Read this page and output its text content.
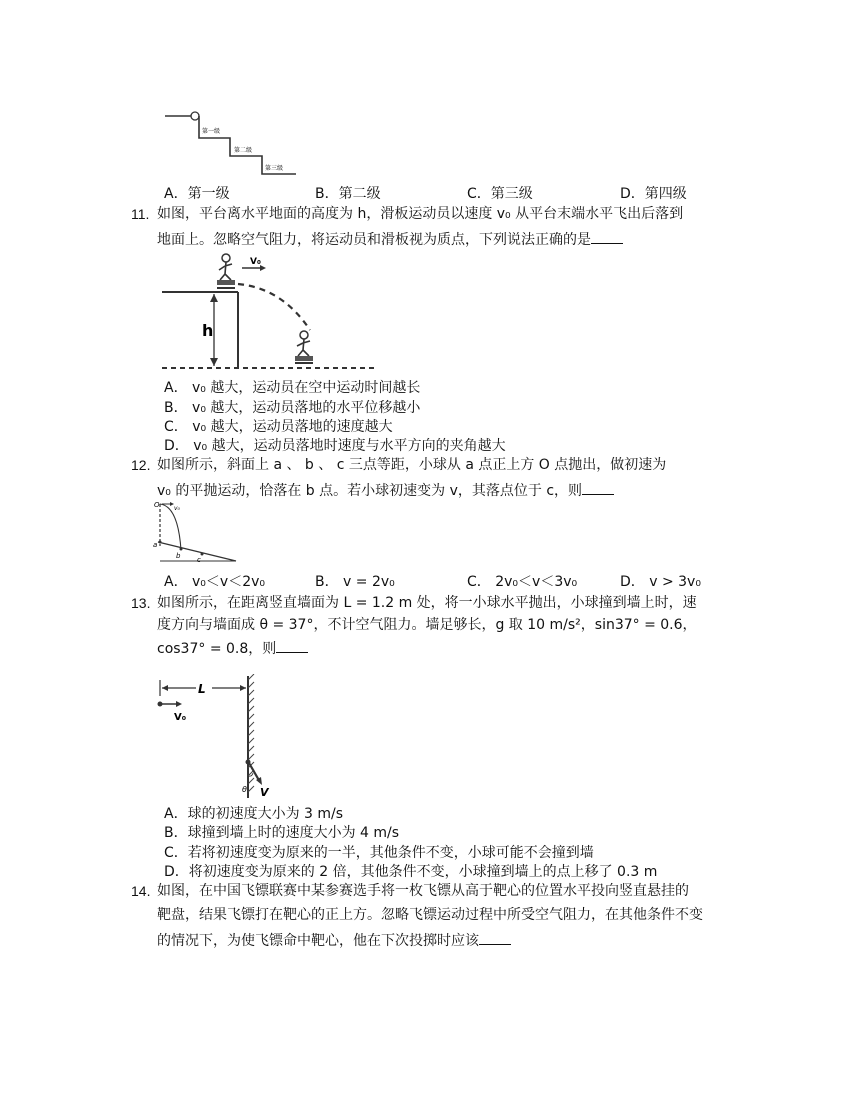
第一级
第二级
第三级
A．第一级	B．第二级	C．第三级	D．第四级
11. 如图，平台离水平地面的高度为 h，滑板运动员以速度 v₀ 从平台末端水平飞出后落到
地面上。忽略空气阻力，将运动员和滑板视为质点，下列说法正确的是
h
V₀
A． v₀ 越大，运动员在空中运动时间越长
B． v₀ 越大，运动员落地的水平位移越小
C． v₀ 越大，运动员落地的速度越大
D． v₀ 越大，运动员落地时速度与水平方向的夹角越大
12. 如图所示，斜面上 a 、 b 、 c 三点等距，小球从 a 点正上方 O 点抛出，做初速为
v₀ 的平抛运动，恰落在 b 点。若小球初速变为 v，其落点位于 c，则
O v₀
a
b c
A． v₀＜v＜2v₀	B． v = 2v₀	C． 2v₀＜v＜3v₀	D． v > 3v₀
13. 如图所示，在距离竖直墙面为 L = 1.2 m 处，将一小球水平抛出，小球撞到墙上时，速
度方向与墙面成 θ = 37°，不计空气阻力。墙足够长，g 取 10 m/s²，sin37° = 0.6，
cos37° = 0.8，则
L
V₀
θ V
A．球的初速度大小为 3 m/s
B．球撞到墙上时的速度大小为 4 m/s
C．若将初速度变为原来的一半，其他条件不变，小球可能不会撞到墙
D．将初速度变为原来的 2 倍，其他条件不变，小球撞到墙上的点上移了 0.3 m
14. 如图，在中国飞镖联赛中某参赛选手将一枚飞镖从高于靶心的位置水平投向竖直悬挂的
靶盘，结果飞镖打在靶心的正上方。忽略飞镖运动过程中所受空气阻力，在其他条件不变
的情况下，为使飞镖命中靶心，他在下次投掷时应该
